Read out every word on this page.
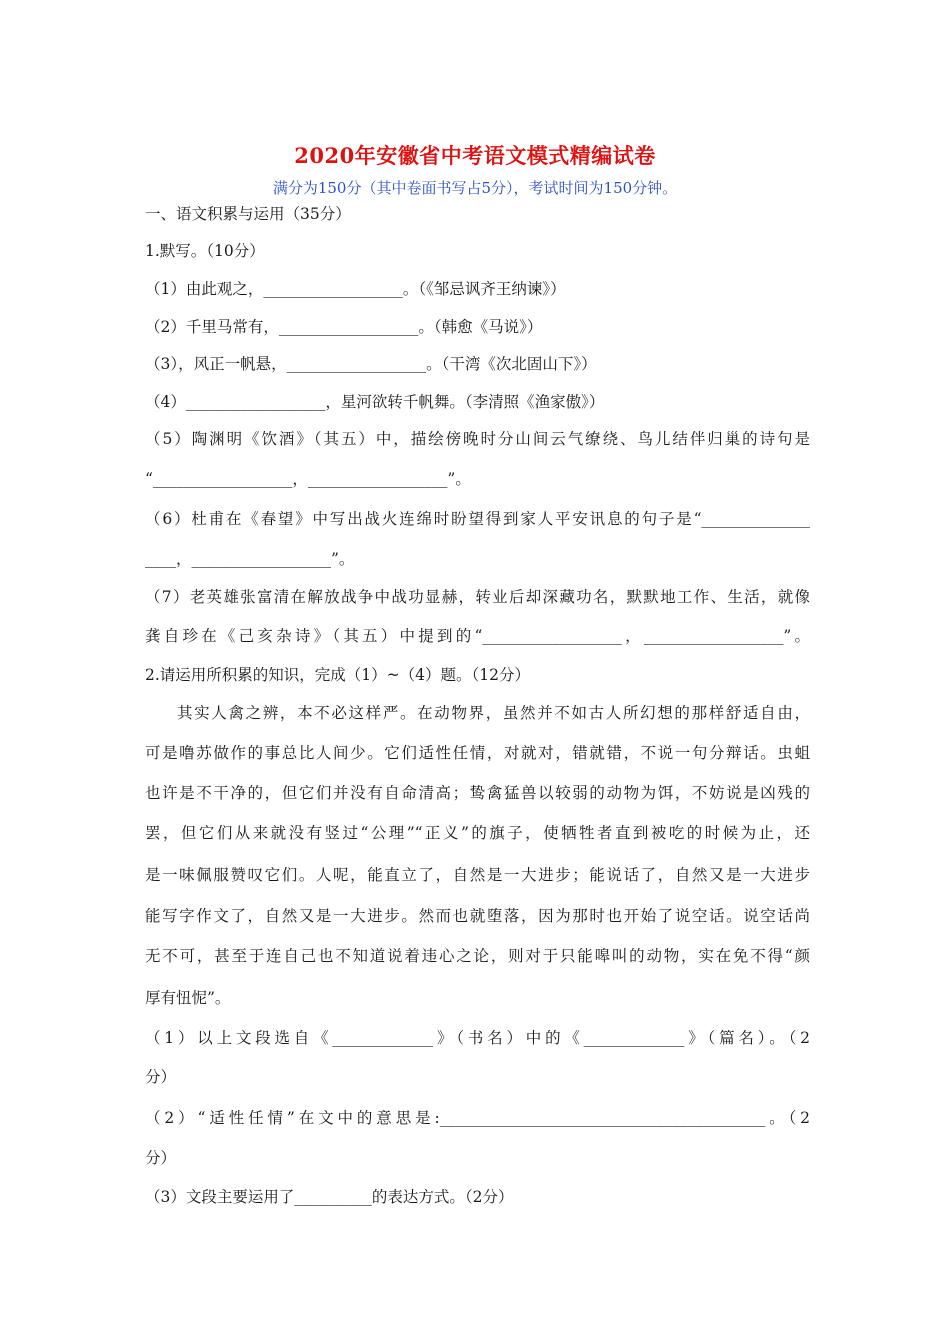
2020年安徽省中考语文模式精编试卷
满分为150分（其中卷面书写占5分），考试时间为150分钟。
一、语文积累与运用（35分）
1.默写。（10分）
（1）由此观之，__________________。（《邹忌讽齐王纳谏》）
（2）千里马常有，__________________。（韩愈《马说》）
（3），风正一帆悬，__________________。（干湾《次北固山下》）
（4）__________________，星河欲转千帆舞。（李清照《渔家傲》）
（5）陶渊明《饮酒》（其五）中，描绘傍晚时分山间云气缭绕、鸟儿结伴归巢的诗句是
“__________________，__________________”。
（6）杜甫在《春望》中写出战火连绵时盼望得到家人平安讯息的句子是“______________
____，__________________”。
（7）老英雄张富清在解放战争中战功显赫，转业后却深藏功名，默默地工作、生活，就像
龚自珍在《己亥杂诗》（其五）中提到的“__________________，__________________”。
2.请运用所积累的知识，完成（1）~（4）题。（12分）
其实人禽之辨，本不必这样严。在动物界，虽然并不如古人所幻想的那样舒适自由，
可是噜苏做作的事总比人间少。它们适性任情，对就对，错就错，不说一句分辩话。虫蛆
也许是不干净的，但它们并没有自命清高；鸷禽猛兽以较弱的动物为饵，不妨说是凶残的
罢，但它们从来就没有竖过“公理”“正义”的旗子，使牺牲者直到被吃的时候为止，还
是一味佩服赞叹它们。人呢，能直立了，自然是一大进步；能说话了，自然又是一大进步
能写字作文了，自然又是一大进步。然而也就堕落，因为那时也开始了说空话。说空话尚
无不可，甚至于连自己也不知道说着违心之论，则对于只能嗥叫的动物，实在免不得“颜
厚有忸怩”。
（1）以上文段选自《_____________》（书名）中的《_____________》（篇名）。（2
分）
（2）“适性任情”在文中的意思是:__________________________________________。（2
分）
（3）文段主要运用了__________的表达方式。（2分）
